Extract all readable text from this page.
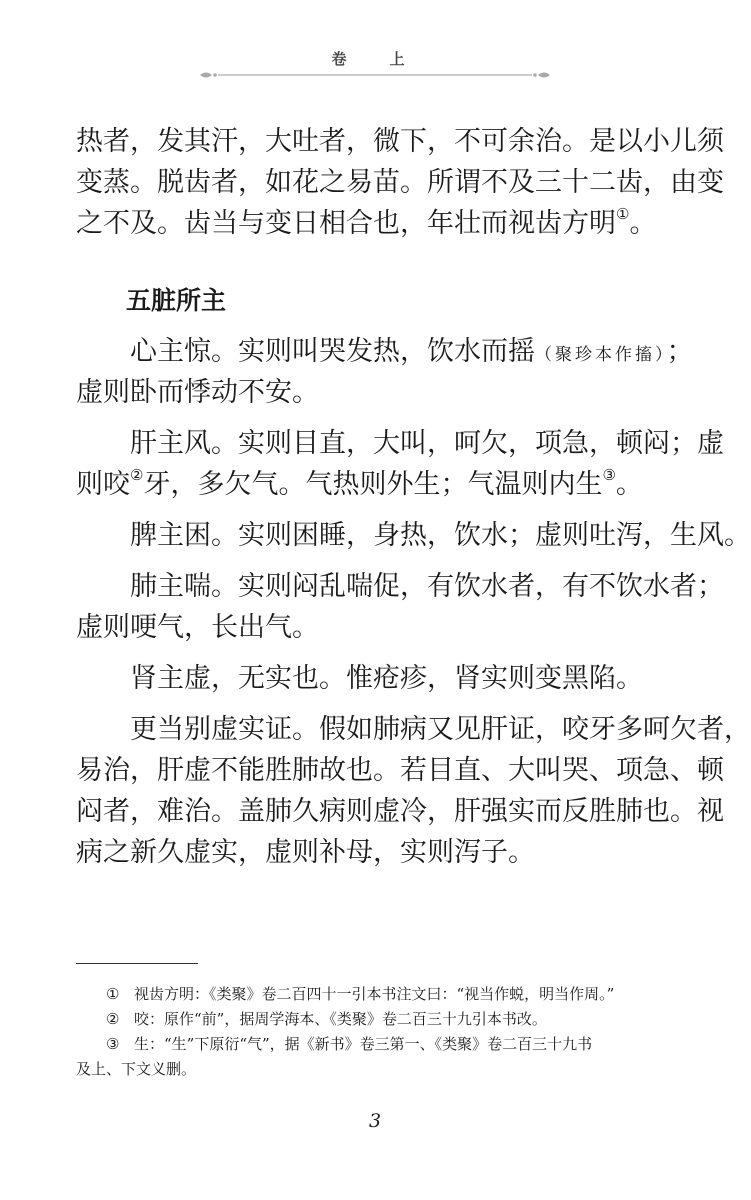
卷　上
热者，发其汗，大吐者，微下，不可余治。是以小儿须
变蒸。脱齿者，如花之易苗。所谓不及三十二齿，由变
之不及。齿当与变日相合也，年壮而视齿方明①。
五脏所主
心主惊。实则叫哭发热，饮水而摇（聚珍本作搐）；
虚则卧而悸动不安。
肝主风。实则目直，大叫，呵欠，项急，顿闷；虚
则咬②牙，多欠气。气热则外生；气温则内生③。
脾主困。实则困睡，身热，饮水；虚则吐泻，生风。
肺主喘。实则闷乱喘促，有饮水者，有不饮水者；
虚则哽气，长出气。
肾主虚，无实也。惟疮疹，肾实则变黑陷。
更当别虚实证。假如肺病又见肝证，咬牙多呵欠者，
易治，肝虚不能胜肺故也。若目直、大叫哭、项急、顿
闷者，难治。盖肺久病则虚冷，肝强实而反胜肺也。视
病之新久虚实，虚则补母，实则泻子。
① 视齿方明：《类聚》卷二百四十一引本书注文曰：“视当作蜕，明当作周。”
② 咬：原作“前”，据周学海本、《类聚》卷二百三十九引本书改。
③ 生：“生”下原衍“气”，据《新书》卷三第一、《类聚》卷二百三十九书
及上、下文义删。
3
